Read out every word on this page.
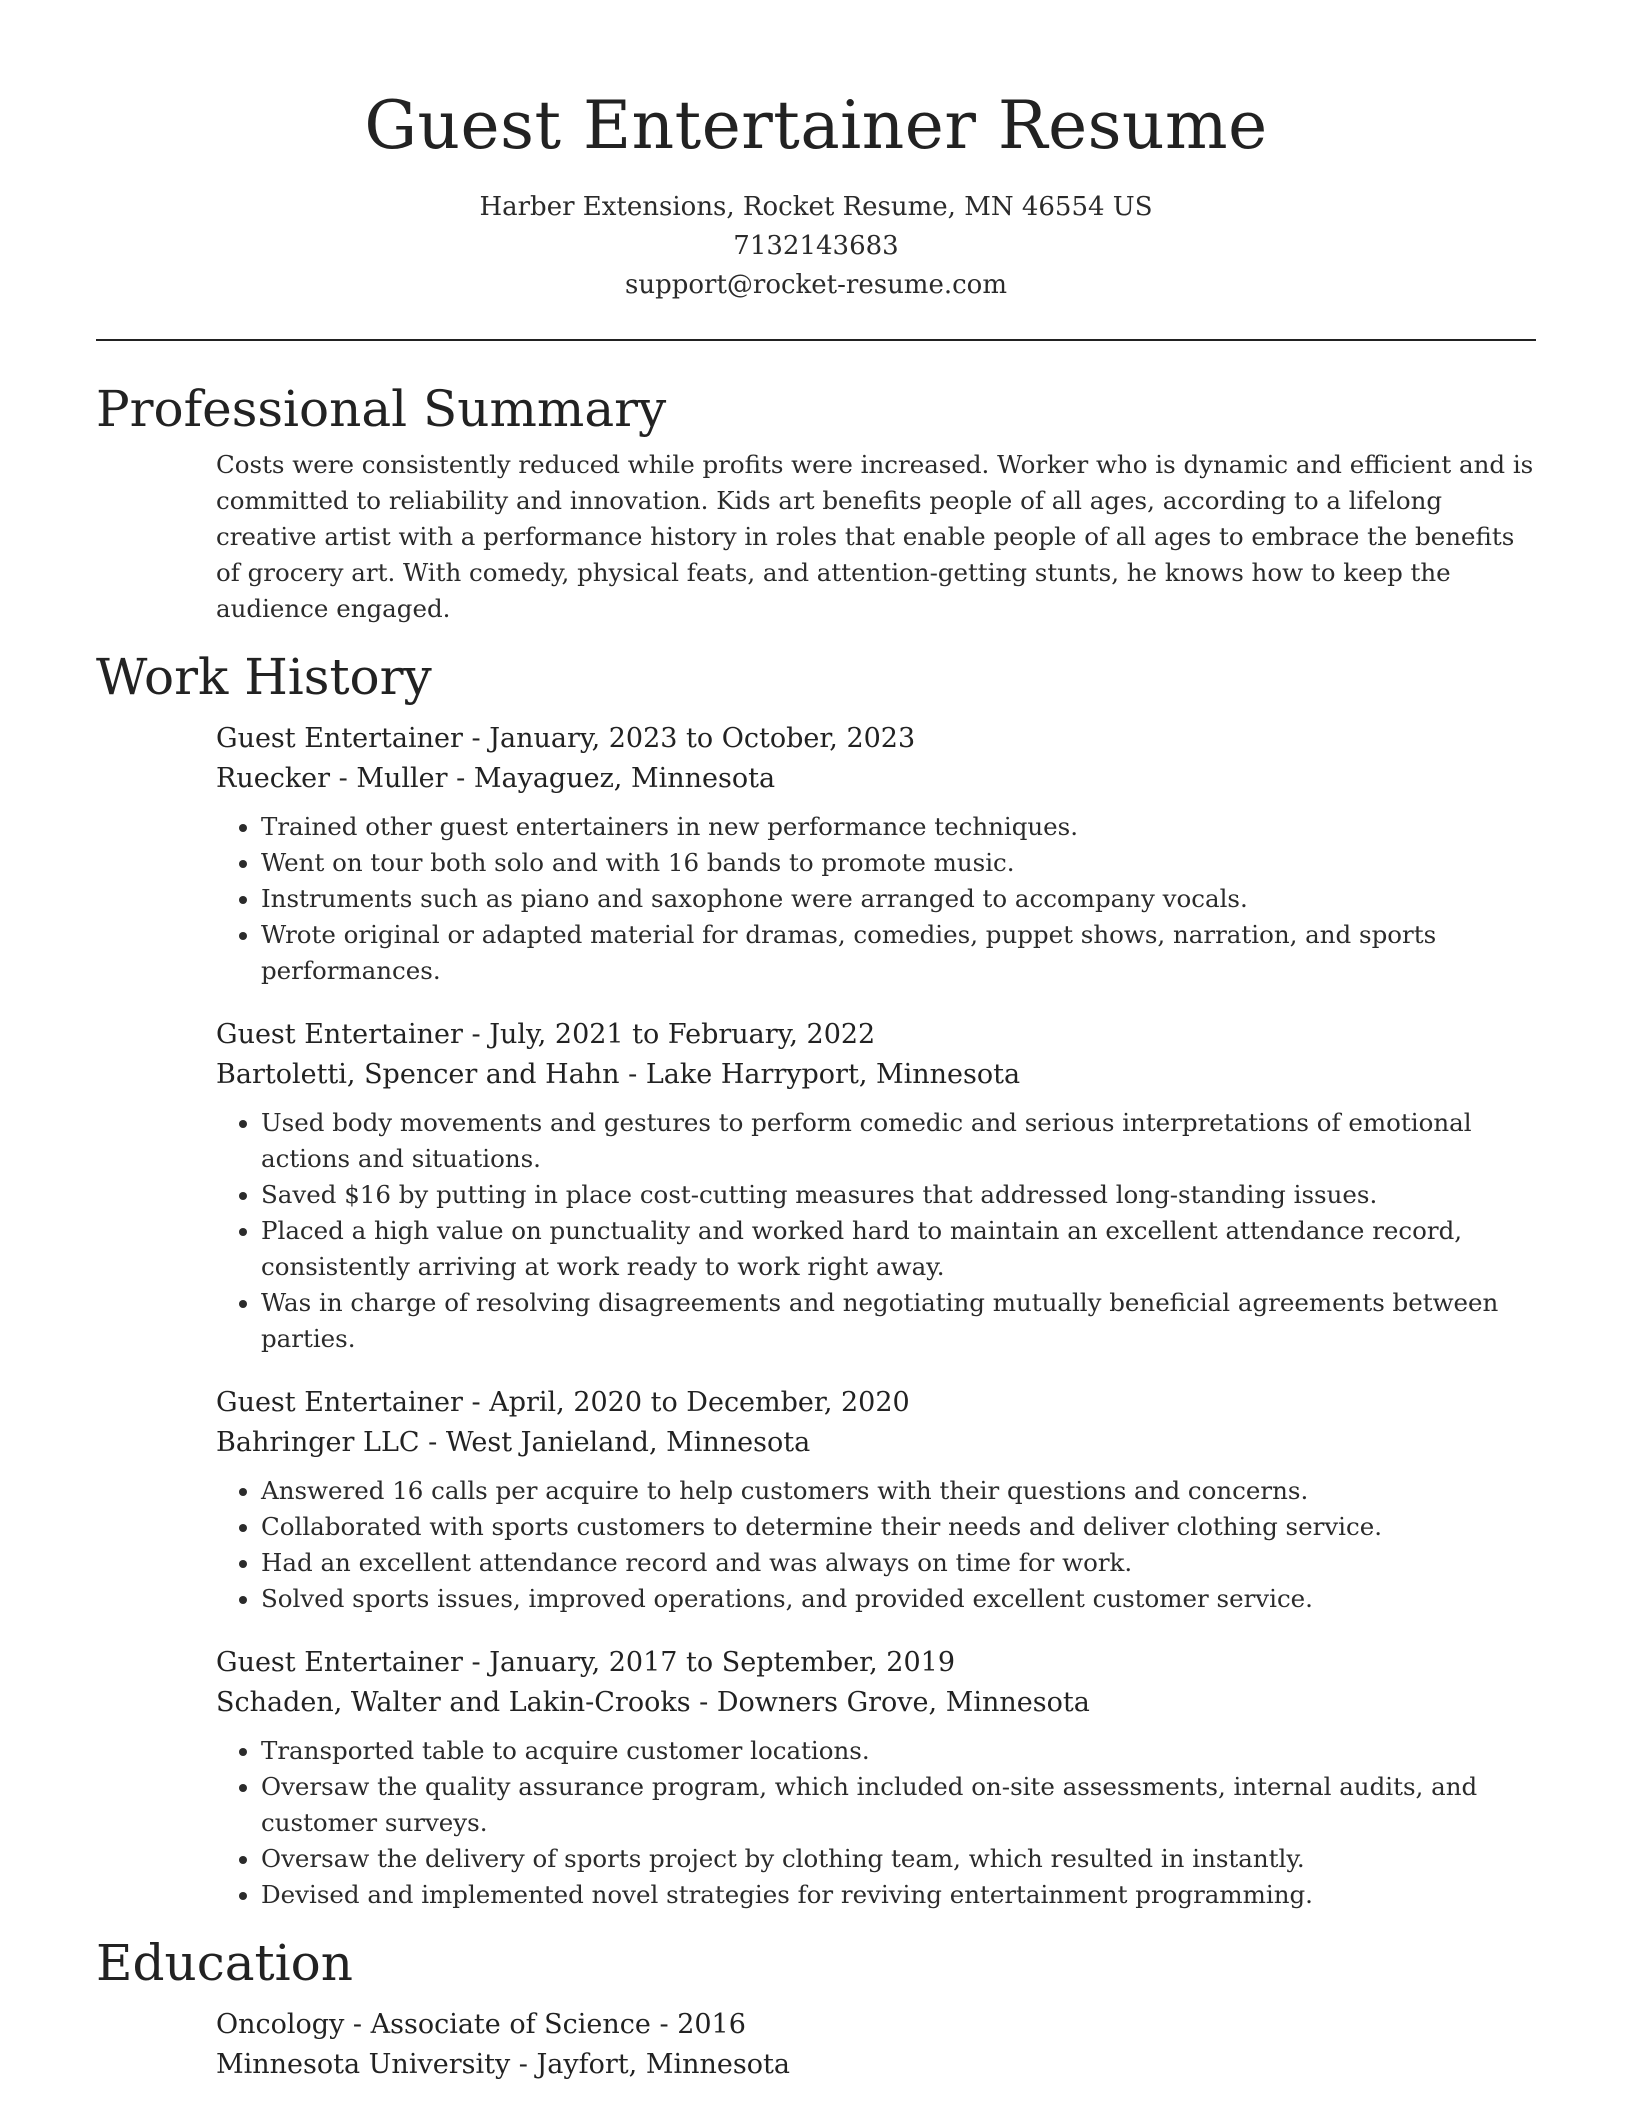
Guest Entertainer Resume
Harber Extensions, Rocket Resume, MN 46554 US
7132143683
support@rocket-resume.com
Professional Summary
Costs were consistently reduced while profits were increased. Worker who is dynamic and efficient and is committed to reliability and innovation. Kids art benefits people of all ages, according to a lifelong creative artist with a performance history in roles that enable people of all ages to embrace the benefits of grocery art. With comedy, physical feats, and attention-getting stunts, he knows how to keep the audience engaged.
Work History
Guest Entertainer - January, 2023 to October, 2023
Ruecker - Muller - Mayaguez, Minnesota
• Trained other guest entertainers in new performance techniques.
• Went on tour both solo and with 16 bands to promote music.
• Instruments such as piano and saxophone were arranged to accompany vocals.
• Wrote original or adapted material for dramas, comedies, puppet shows, narration, and sports performances.
Guest Entertainer - July, 2021 to February, 2022
Bartoletti, Spencer and Hahn - Lake Harryport, Minnesota
• Used body movements and gestures to perform comedic and serious interpretations of emotional actions and situations.
• Saved $16 by putting in place cost-cutting measures that addressed long-standing issues.
• Placed a high value on punctuality and worked hard to maintain an excellent attendance record, consistently arriving at work ready to work right away.
• Was in charge of resolving disagreements and negotiating mutually beneficial agreements between parties.
Guest Entertainer - April, 2020 to December, 2020
Bahringer LLC - West Janieland, Minnesota
• Answered 16 calls per acquire to help customers with their questions and concerns.
• Collaborated with sports customers to determine their needs and deliver clothing service.
• Had an excellent attendance record and was always on time for work.
• Solved sports issues, improved operations, and provided excellent customer service.
Guest Entertainer - January, 2017 to September, 2019
Schaden, Walter and Lakin-Crooks - Downers Grove, Minnesota
• Transported table to acquire customer locations.
• Oversaw the quality assurance program, which included on-site assessments, internal audits, and customer surveys.
• Oversaw the delivery of sports project by clothing team, which resulted in instantly.
• Devised and implemented novel strategies for reviving entertainment programming.
Education
Oncology - Associate of Science - 2016
Minnesota University - Jayfort, Minnesota
